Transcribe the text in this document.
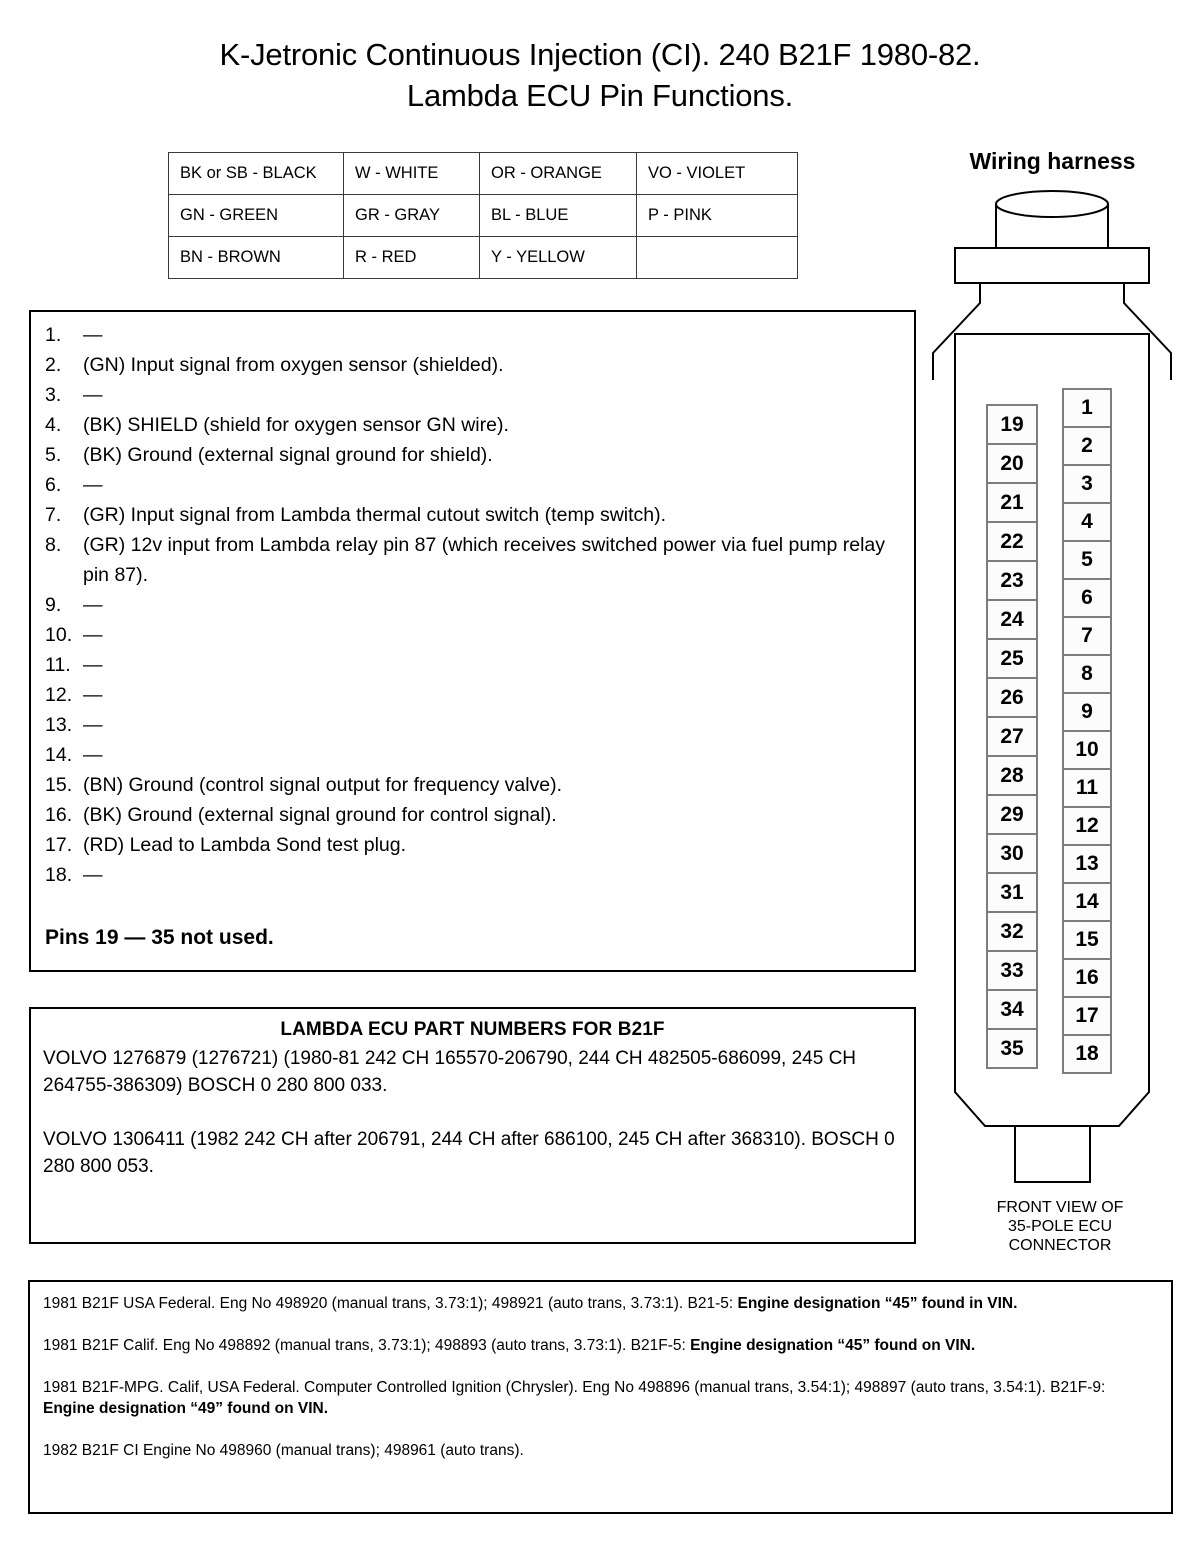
K-Jetronic Continuous Injection (CI). 240 B21F 1980-82.
Lambda ECU Pin Functions.
BK or SB - BLACK	W - WHITE	OR - ORANGE	VO - VIOLET
GN - GREEN	GR - GRAY	BL - BLUE	P - PINK
BN - BROWN	R - RED	Y - YELLOW	
1.	—
2.	(GN) Input signal from oxygen sensor (shielded).
3.	—
4.	(BK) SHIELD (shield for oxygen sensor GN wire).
5.	(BK) Ground (external signal ground for shield).
6.	—
7.	(GR) Input signal from Lambda thermal cutout switch (temp switch).
8.	(GR) 12v input from Lambda relay pin 87 (which receives switched power via fuel pump relay pin 87).
9.	—
10. —
11. —
12. —
13. —
14. —
15. (BN) Ground (control signal output for frequency valve).
16. (BK) Ground (external signal ground for control signal).
17. (RD) Lead to Lambda Sond test plug.
18. —
Pins 19 — 35 not used.
LAMBDA ECU PART NUMBERS FOR B21F

VOLVO 1276879 (1276721) (1980-81 242 CH 165570-206790, 244 CH 482505-686099, 245 CH 264755-386309) BOSCH 0 280 800 033.

VOLVO 1306411 (1982 242 CH after 206791, 244 CH after 686100, 245 CH after 368310). BOSCH 0 280 800 053.

1981 B21F USA Federal. Eng No 498920 (manual trans, 3.73:1); 498921 (auto trans, 3.73:1). B21-5: Engine designation “45” found in VIN.
1981 B21F Calif. Eng No 498892 (manual trans, 3.73:1); 498893 (auto trans, 3.73:1). B21F-5: Engine designation “45” found on VIN.
1981 B21F-MPG. Calif, USA Federal. Computer Controlled Ignition (Chrysler). Eng No 498896 (manual trans, 3.54:1); 498897 (auto trans, 3.54:1). B21F-9: Engine designation “49” found on VIN.
1982 B21F CI Engine No 498960 (manual trans); 498961 (auto trans).
Wiring harness
19
20
21
22
23
24
25
26
27
28
29
30
31
32
33
34
35
1
2
3
4
5
6
7
8
9
10
11
12
13
14
15
16
17
18
FRONT VIEW OF
35-POLE ECU
CONNECTOR
